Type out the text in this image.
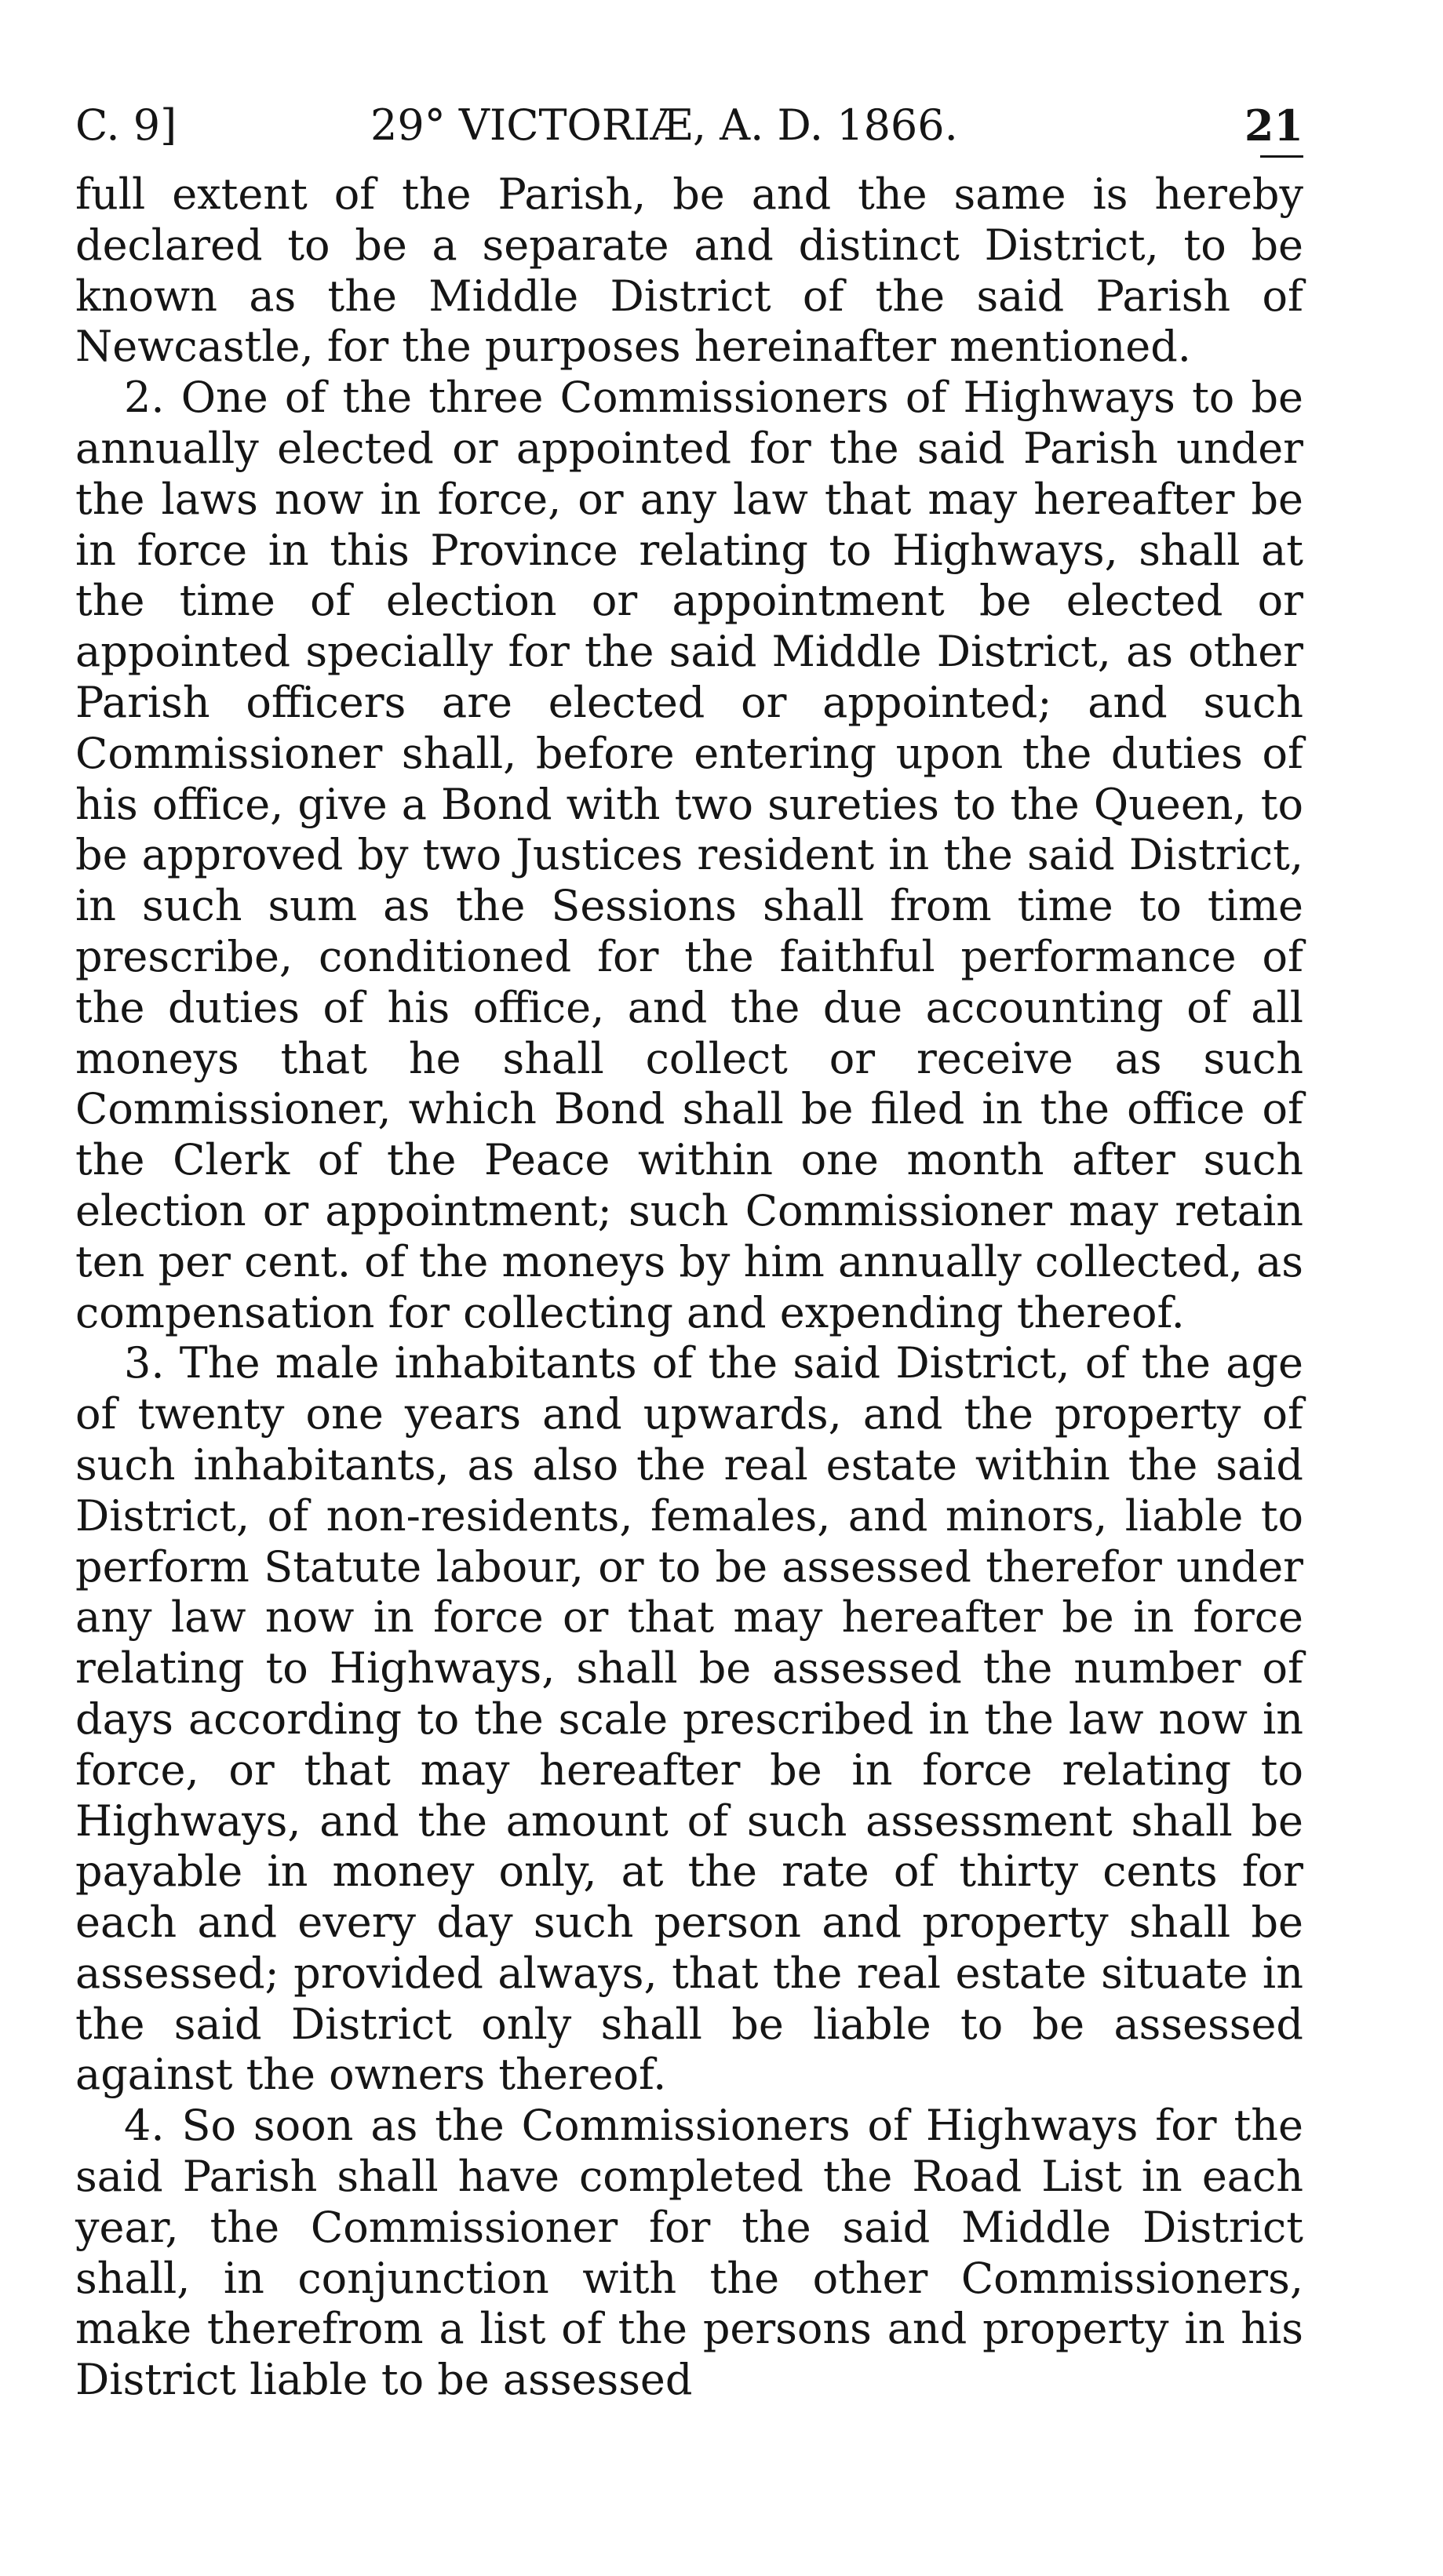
C. 9]	29° VICTORIÆ, A. D. 1866.	21

full extent of the Parish, be and the same is hereby declared to be a separate and distinct District, to be known as the Middle District of the said Parish of Newcastle, for the purposes hereinafter mentioned.

2. One of the three Commissioners of Highways to be annually elected or appointed for the said Parish under the laws now in force, or any law that may hereafter be in force in this Province relating to Highways, shall at the time of election or appointment be elected or appointed specially for the said Middle District, as other Parish officers are elected or appointed; and such Commissioner shall, before entering upon the duties of his office, give a Bond with two sureties to the Queen, to be approved by two Justices resident in the said District, in such sum as the Sessions shall from time to time prescribe, conditioned for the faithful performance of the duties of his office, and the due accounting of all moneys that he shall collect or receive as such Commissioner, which Bond shall be filed in the office of the Clerk of the Peace within one month after such election or appointment; such Commissioner may retain ten per cent. of the moneys by him annually collected, as compensation for collecting and expending thereof.

3. The male inhabitants of the said District, of the age of twenty one years and upwards, and the property of such inhabitants, as also the real estate within the said District, of non-residents, females, and minors, liable to perform Statute labour, or to be assessed therefor under any law now in force or that may hereafter be in force relating to Highways, shall be assessed the number of days according to the scale prescribed in the law now in force, or that may hereafter be in force relating to Highways, and the amount of such assessment shall be payable in money only, at the rate of thirty cents for each and every day such person and property shall be assessed; provided always, that the real estate situate in the said District only shall be liable to be assessed against the owners thereof.

4. So soon as the Commissioners of Highways for the said Parish shall have completed the Road List in each year, the Commissioner for the said Middle District shall, in conjunction with the other Commissioners, make therefrom a list of the persons and property in his District liable to be assessed
